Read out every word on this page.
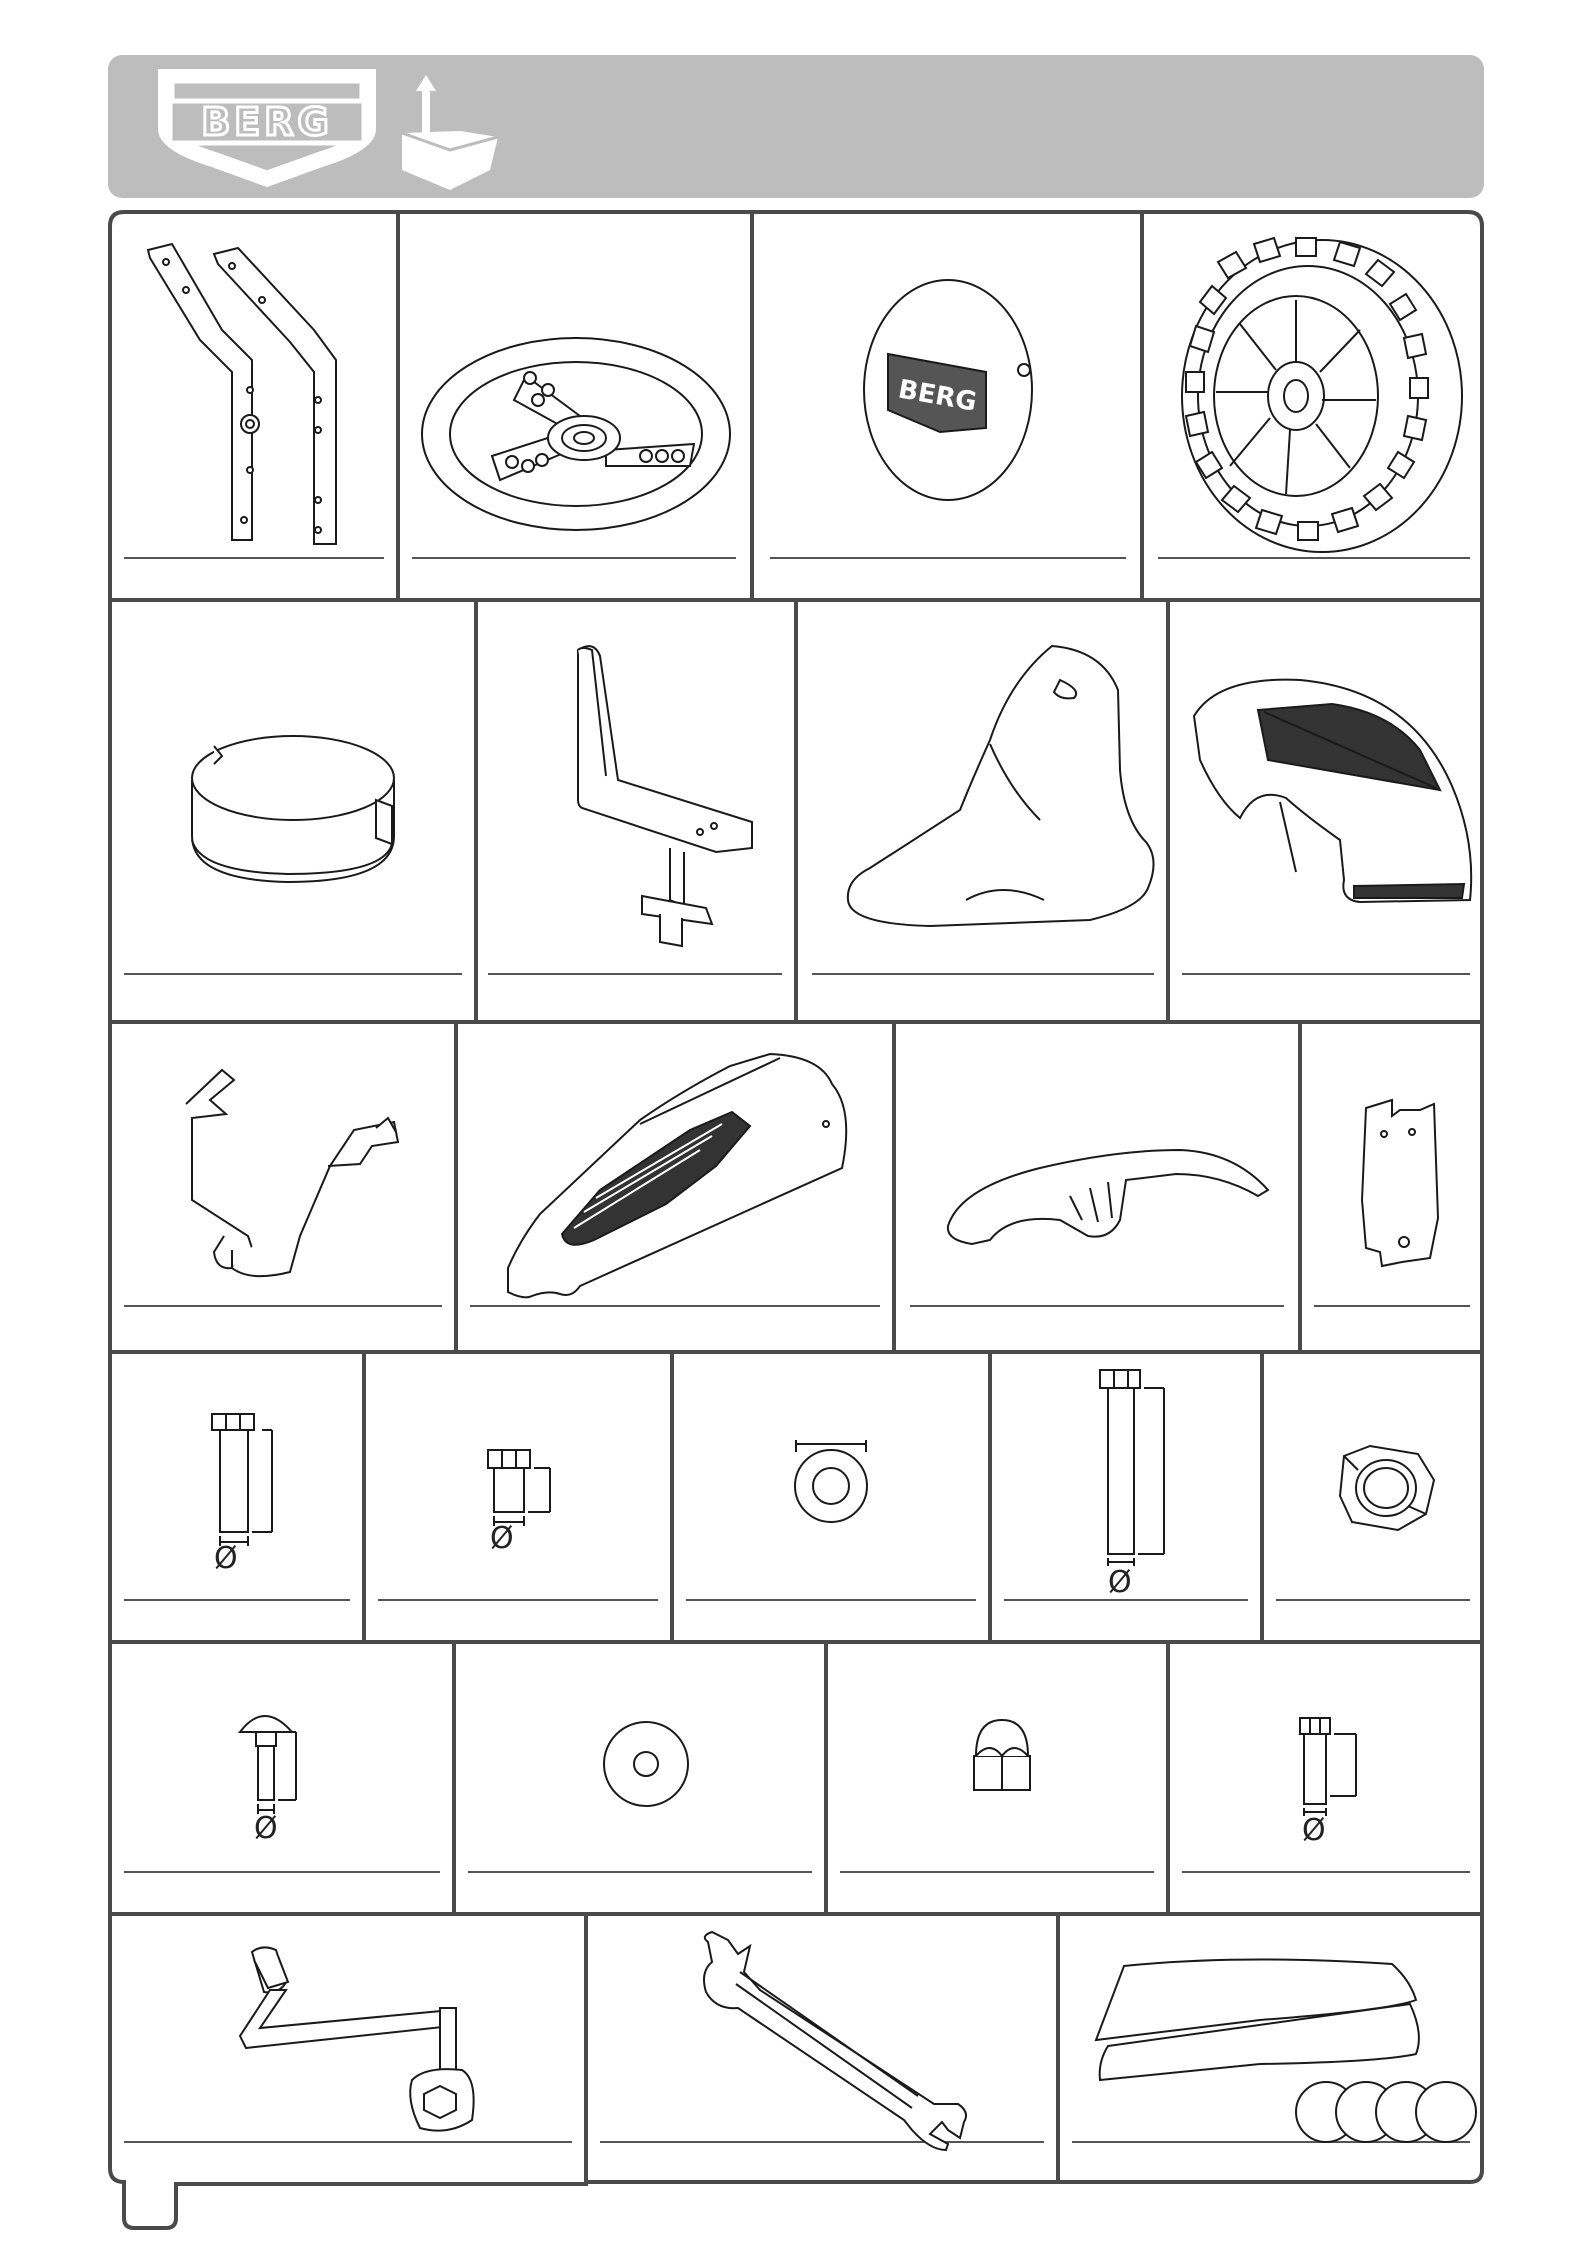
BERG
BERG
Ø
Ø
Ø
Ø	Ø
